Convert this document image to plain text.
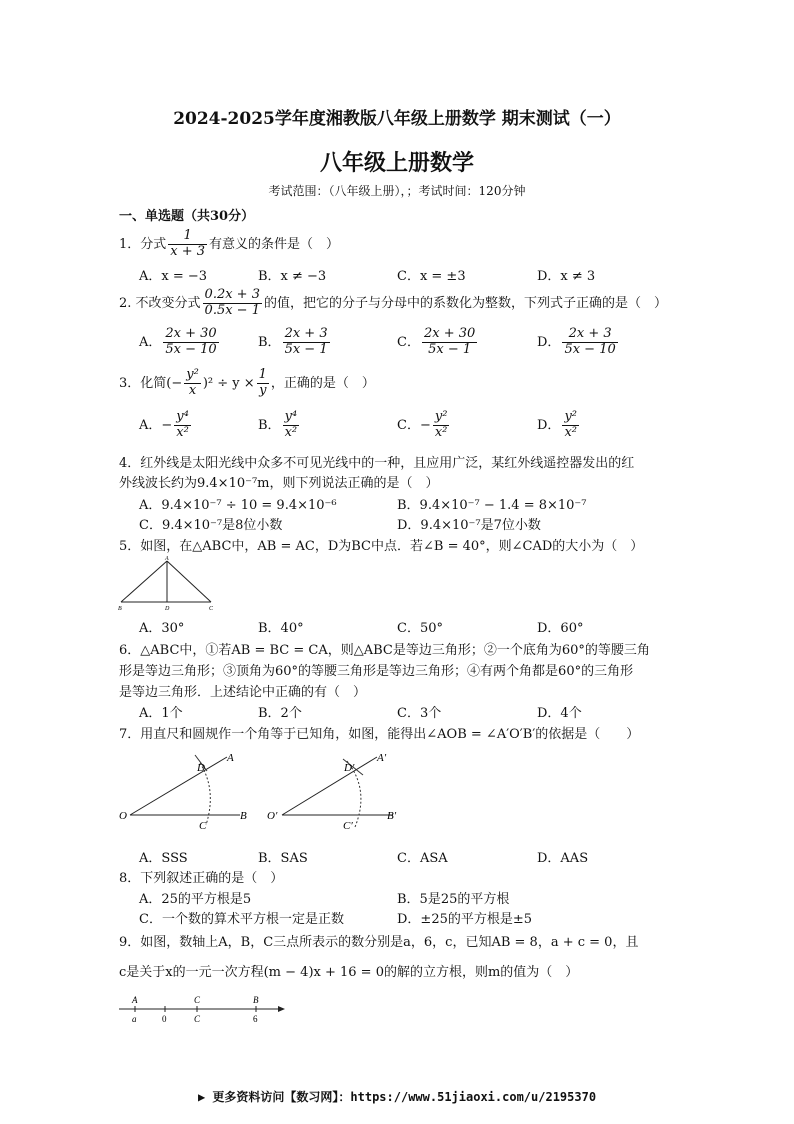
2024-2025学年度湘教版八年级上册数学 期末测试（一）
八年级上册数学
考试范围：（八年级上册），；考试时间：120分钟
一、单选题（共30分）
1．分式 $\frac{1}{x + 3}$ 有意义的条件是（　）
A．x = −3	B．x ≠ −3	C．x = ±3	D．x ≠ 3
2. 不改变分式 $\frac{0.2x + 3}{0.5x - 1}$ 的值，把它的分子与分母中的系数化为整数，下列式子正确的是（　）
A． $\frac{2x + 30}{5x - 10}$	B． $\frac{2x + 3}{5x - 1}$	C． $\frac{2x + 30}{5x - 1}$	D． $\frac{2x + 3}{5x - 10}$
3．化简(− $\frac{\text{y²}}{x} )^2 \div y \times \frac{1}{y}$ ，正确的是（　）
A．− $\frac{\text{y⁴}}{\text{x²}}$	B． $\frac{\text{y⁴}}{\text{x²}}$	C．− $\frac{\text{y²}}{\text{x²}}$	D． $\frac{\text{y²}}{\text{x²}}$
4．红外线是太阳光线中众多不可见光线中的一种，且应用广泛，某红外线遥控器发出的红
外线波长约为9.4×10⁻⁷m，则下列说法正确的是（　）
A．9.4×10⁻⁷ ÷ 10 = 9.4×10⁻⁶	B．9.4×10⁻⁷ − 1.4 = 8×10⁻⁷
C．9.4×10⁻⁷是8位小数	D．9.4×10⁻⁷是7位小数
5．如图，在△ABC中，AB = AC，D为BC中点．若∠B = 40°，则∠CAD的大小为（　）
A
B	D	C
A．30°	B．40°	C．50°	D．60°
6．△ABC中，①若AB = BC = CA，则△ABC是等边三角形；②一个底角为60°的等腰三角
形是等边三角形；③顶角为60°的等腰三角形是等边三角形；④有两个角都是60°的三角形
是等边三角形．上述结论中正确的有（　）
A．1个	B．2个	C．3个	D．4个
7．用直尺和圆规作一个角等于已知角，如图，能得出∠AOB = ∠A′O′B′的依据是（　　）
O
A
B
C
D
O′
A′
B′
C′
D′
A．SSS	B．SAS	C．ASA	D．AAS
8．下列叙述正确的是（　）
A．25的平方根是5	B．5是25的平方根
C．一个数的算术平方根一定是正数	D．±25的平方根是±5
9．如图，数轴上A，B，C三点所表示的数分别是a，6，c，已知AB = 8，a + c = 0，且
c是关于x的一元一次方程(m − 4)x + 16 = 0的解的立方根，则m的值为（　）
A	C	B
a	0	C	6
▶ 更多资料访问【数习网】：https://www.51jiaoxi.com/u/2195370
